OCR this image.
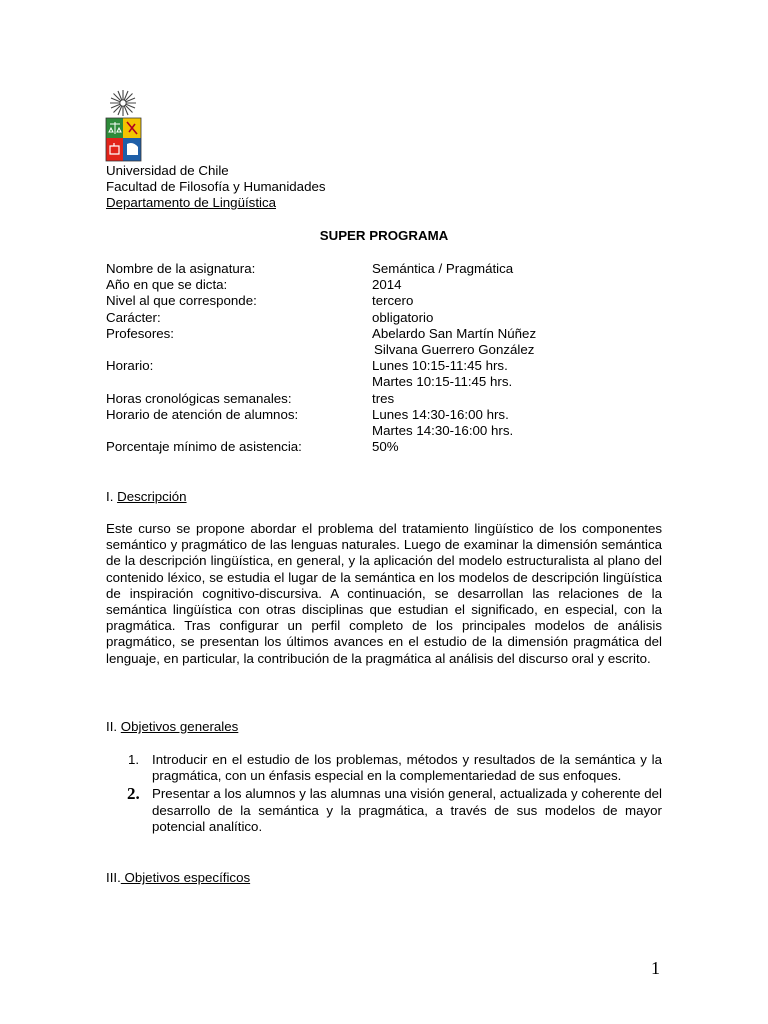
Universidad de Chile
Facultad de Filosofía y Humanidades
Departamento de Lingüística
SUPER PROGRAMA
Nombre de la asignatura:	Semántica / Pragmática
Año en que se dicta:	2014
Nivel al que corresponde:	tercero
Carácter:	obligatorio
Profesores:	Abelardo San Martín Núñez
Silvana Guerrero González
Horario:	Lunes 10:15-11:45 hrs.
Martes 10:15-11:45 hrs.
Horas cronológicas semanales:	tres
Horario de atención de alumnos:	Lunes 14:30-16:00 hrs.
Martes 14:30-16:00 hrs.
Porcentaje mínimo de asistencia:	50%
I. Descripción

Este curso se propone abordar el problema del tratamiento lingüístico de los componentes semántico y pragmático de las lenguas naturales. Luego de examinar la dimensión semántica de la descripción lingüística, en general, y la aplicación del modelo estructuralista al plano del contenido léxico, se estudia el lugar de la semántica en los modelos de descripción lingüística de inspiración cognitivo-discursiva. A continuación, se desarrollan las relaciones de la semántica lingüística con otras disciplinas que estudian el significado, en especial, con la pragmática. Tras configurar un perfil completo de los principales modelos de análisis pragmático, se presentan los últimos avances en el estudio de la dimensión pragmática del lenguaje, en particular, la contribución de la pragmática al análisis del discurso oral y escrito.

II. Objetivos generales
1. Introducir en el estudio de los problemas, métodos y resultados de la semántica y la pragmática, con un énfasis especial en la complementariedad de sus enfoques.
2. Presentar a los alumnos y las alumnas una visión general, actualizada y coherente del desarrollo de la semántica y la pragmática, a través de sus modelos de mayor potencial analítico.
III. Objetivos específicos
1
